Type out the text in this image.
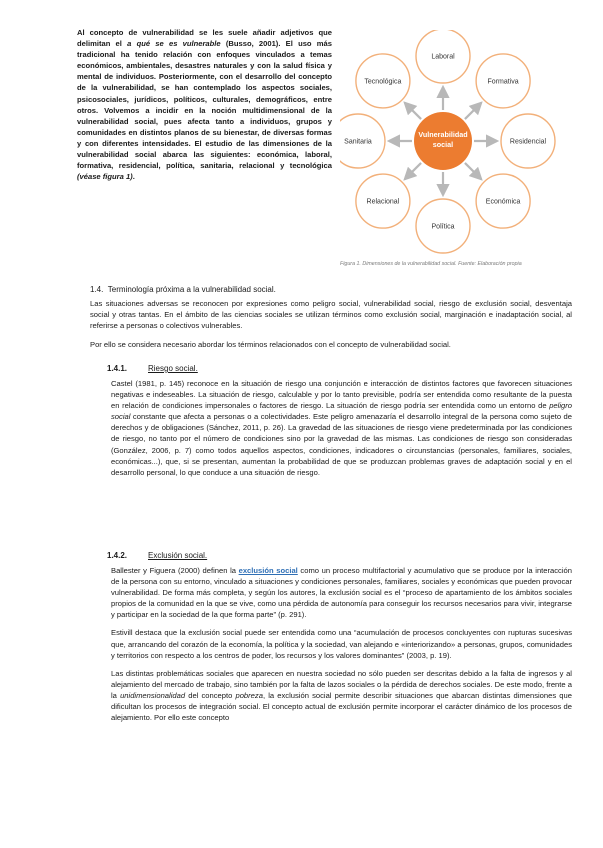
Al concepto de vulnerabilidad se les suele añadir adjetivos que delimitan el a qué se es vulnerable (Busso, 2001). El uso más tradicional ha tenido relación con enfoques vinculados a temas económicos, ambientales, desastres naturales y con la salud física y mental de individuos. Posteriormente, con el desarrollo del concepto de la vulnerabilidad, se han contemplado los aspectos sociales, psicosociales, jurídicos, políticos, culturales, demográficos, entre otros. Volvemos a incidir en la noción multidimensional de la vulnerabilidad social, pues afecta tanto a individuos, grupos y comunidades en distintos planos de su bienestar, de diversas formas y con diferentes intensidades. El estudio de las dimensiones de la vulnerabilidad social abarca las siguientes: económica, laboral, formativa, residencial, política, sanitaria, relacional y tecnológica (véase figura 1).

Laboral
Formativa
Residencial
Económica
Política
Relacional
Sanitaria
Tecnológica
Vulnerabilidad
social
Figura 1. Dimensiones de la vulnerabilidad social. Fuente: Elaboración propia
1.4. Terminología próxima a la vulnerabilidad social.

Las situaciones adversas se reconocen por expresiones como peligro social, vulnerabilidad social, riesgo de exclusión social, desventaja social y otras tantas. En el ámbito de las ciencias sociales se utilizan términos como exclusión social, marginación e inadaptación social, al referirse a personas o colectivos vulnerables.

Por ello se considera necesario abordar los términos relacionados con el concepto de vulnerabilidad social.

1.4.1.	Riesgo social.

Castel (1981, p. 145) reconoce en la situación de riesgo una conjunción e interacción de distintos factores que favorecen situaciones negativas e indeseables. La situación de riesgo, calculable y por lo tanto previsible, podría ser entendida como resultante de la puesta en relación de condiciones impersonales o factores de riesgo. La situación de riesgo podría ser entendida como un entorno de peligro social constante que afecta a personas o a colectividades. Este peligro amenazaría el desarrollo integral de la persona como sujeto de derechos y de obligaciones (Sánchez, 2011, p. 26). La gravedad de las situaciones de riesgo viene predeterminada por las condiciones de riesgo, no tanto por el número de condiciones sino por la gravedad de las mismas. Las condiciones de riesgo son consideradas (González, 2006, p. 7) como todos aquellos aspectos, condiciones, indicadores o circunstancias (personales, familiares, sociales, económicas...), que, si se presentan, aumentan la probabilidad de que se produzcan problemas graves de adaptación social y en el desarrollo personal, lo que conduce a una situación de riesgo.

1.4.2.	Exclusión social.

Ballester y Figuera (2000) definen la exclusión social como un proceso multifactorial y acumulativo que se produce por la interacción de la persona con su entorno, vinculado a situaciones y condiciones personales, familiares, sociales y económicas que pueden provocar vulnerabilidad. De forma más completa, y según los autores, la exclusión social es el “proceso de apartamiento de los ámbitos sociales propios de la comunidad en la que se vive, como una pérdida de autonomía para conseguir los recursos necesarios para vivir, integrarse y participar en la sociedad de la que forma parte” (p. 291).

Estivill destaca que la exclusión social puede ser entendida como una “acumulación de procesos concluyentes con rupturas sucesivas que, arrancando del corazón de la economía, la política y la sociedad, van alejando e «interiorizando» a personas, grupos, comunidades y territorios con respecto a los centros de poder, los recursos y los valores dominantes” (2003, p. 19).

Las distintas problemáticas sociales que aparecen en nuestra sociedad no sólo pueden ser descritas debido a la falta de ingresos y al alejamiento del mercado de trabajo, sino también por la falta de lazos sociales o la pérdida de derechos sociales. De este modo, frente a la unidimensionalidad del concepto pobreza, la exclusión social permite describir situaciones que abarcan distintas dimensiones que dificultan los procesos de integración social. El concepto actual de exclusión permite incorporar el carácter dinámico de los procesos de alejamiento. Por ello este concepto
